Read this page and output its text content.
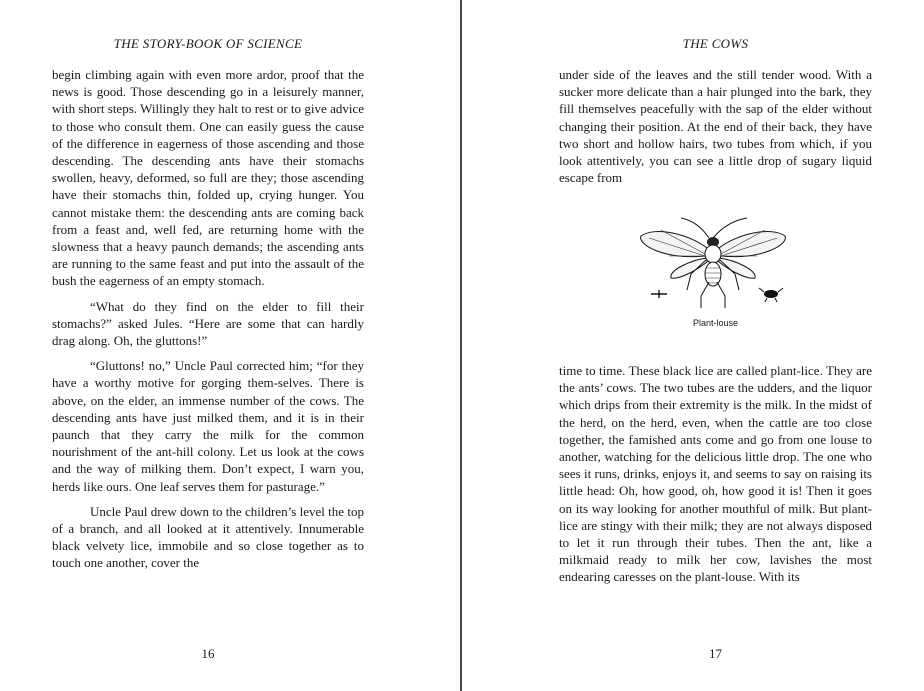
THE STORY-BOOK OF SCIENCE

begin climbing again with even more ardor, proof that the news is good. Those descending go in a leisurely manner, with short steps. Willingly they halt to rest or to give advice to those who consult them. One can easily guess the cause of the difference in eagerness of those ascending and those descending. The descending ants have their stomachs swollen, heavy, deformed, so full are they; those ascending have their stomachs thin, folded up, crying hunger. You cannot mistake them: the descending ants are coming back from a feast and, well fed, are returning home with the slowness that a heavy paunch demands; the ascending ants are running to the same feast and put into the assault of the bush the eagerness of an empty stomach.

“What do they find on the elder to fill their stomachs?” asked Jules. “Here are some that can hardly drag along. Oh, the gluttons!”

“Gluttons! no,” Uncle Paul corrected him; “for they have a worthy motive for gorging them-selves. There is above, on the elder, an immense number of the cows. The descending ants have just milked them, and it is in their paunch that they carry the milk for the common nourishment of the ant-hill colony. Let us look at the cows and the way of milking them. Don’t expect, I warn you, herds like ours. One leaf serves them for pasturage.”

Uncle Paul drew down to the children’s level the top of a branch, and all looked at it attentively. Innumerable black velvety lice, immobile and so close together as to touch one another, cover the

16
THE COWS

under side of the leaves and the still tender wood. With a sucker more delicate than a hair plunged into the bark, they fill themselves peacefully with the sap of the elder without changing their position. At the end of their back, they have two short and hollow hairs, two tubes from which, if you look attentively, you can see a little drop of sugary liquid escape from

Plant-louse

time to time. These black lice are called plant-lice. They are the ants’ cows. The two tubes are the udders, and the liquor which drips from their extremity is the milk. In the midst of the herd, on the herd, even, when the cattle are too close together, the famished ants come and go from one louse to another, watching for the delicious little drop. The one who sees it runs, drinks, enjoys it, and seems to say on raising its little head: Oh, how good, oh, how good it is! Then it goes on its way looking for another mouthful of milk. But plant-lice are stingy with their milk; they are not always disposed to let it run through their tubes. Then the ant, like a milkmaid ready to milk her cow, lavishes the most endearing caresses on the plant-louse. With its

17
